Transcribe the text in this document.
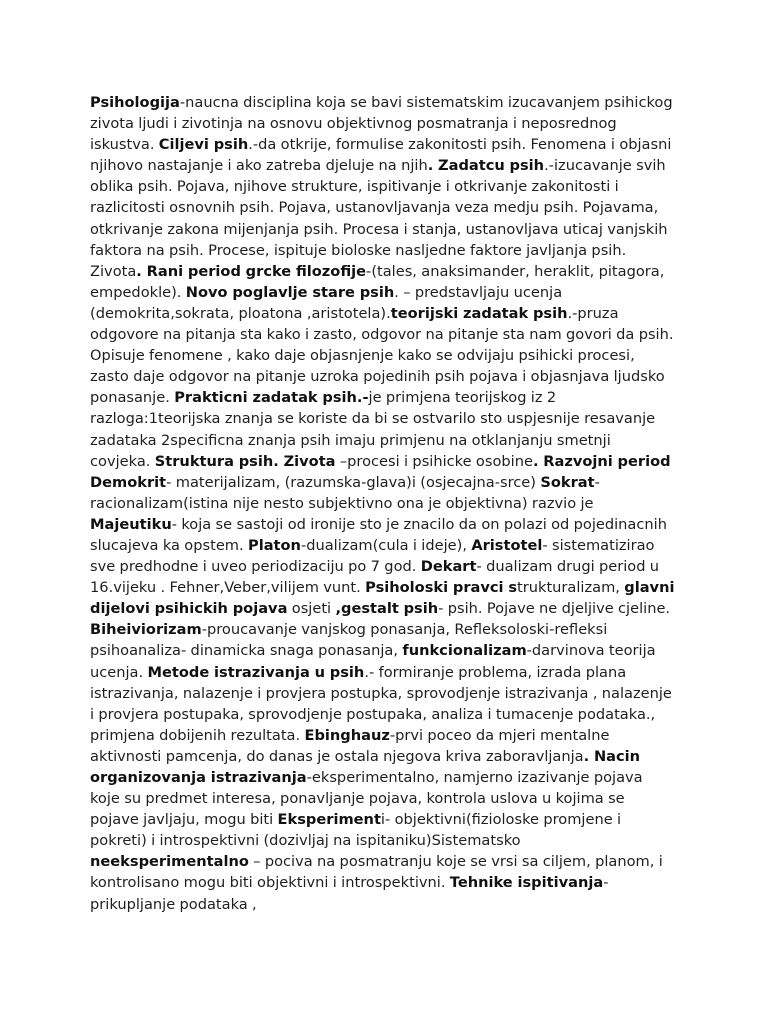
Psihologija-naucna disciplina koja se bavi sistematskim izucavanjem psihickog zivota ljudi i zivotinja na osnovu objektivnog posmatranja i neposrednog iskustva. Ciljevi psih.-da otkrije, formulise zakonitosti psih. Fenomena i objasni njihovo nastajanje i ako zatreba djeluje na njih. Zadatcu psih.-izucavanje svih oblika psih. Pojava, njihove strukture, ispitivanje i otkrivanje zakonitosti i razlicitosti osnovnih psih. Pojava, ustanovljavanja veza medju psih. Pojavama, otkrivanje zakona mijenjanja psih. Procesa i stanja, ustanovljava uticaj vanjskih faktora na psih. Procese, ispituje bioloske nasljedne faktore javljanja psih. Zivota. Rani period grcke filozofije-(tales, anaksimander, heraklit, pitagora, empedokle). Novo poglavlje stare psih. – predstavljaju ucenja (demokrita,sokrata, ploatona ,aristotela).teorijski zadatak psih.-pruza odgovore na pitanja sta kako i zasto, odgovor na pitanje sta nam govori da psih. Opisuje fenomene , kako daje objasnjenje kako se odvijaju psihicki procesi, zasto daje odgovor na pitanje uzroka pojedinih psih pojava i objasnjava ljudsko ponasanje. Prakticni zadatak psih.-je primjena teorijskog iz 2 razloga:1teorijska znanja se koriste da bi se ostvarilo sto uspjesnije resavanje zadataka 2specificna znanja psih imaju primjenu na otklanjanju smetnji covjeka. Struktura psih. Zivota –procesi i psihicke osobine. Razvojni period Demokrit- materijalizam, (razumska-glava)i (osjecajna-srce) Sokrat-racionalizam(istina nije nesto subjektivno ona je objektivna) razvio je Majeutiku- koja se sastoji od ironije sto je znacilo da on polazi od pojedinacnih slucajeva ka opstem. Platon-dualizam(cula i ideje), Aristotel- sistematizirao sve predhodne i uveo periodizaciju po 7 god. Dekart- dualizam drugi period u 16.vijeku . Fehner,Veber,vilijem vunt. Psiholoski pravci strukturalizam, glavni dijelovi psihickih pojava osjeti ,gestalt psih- psih. Pojave ne djeljive cjeline. Biheiviorizam-proucavanje vanjskog ponasanja, Refleksoloski-refleksi psihoanaliza- dinamicka snaga ponasanja, funkcionalizam-darvinova teorija ucenja. Metode istrazivanja u psih.- formiranje problema, izrada plana istrazivanja, nalazenje i provjera postupka, sprovodjenje istrazivanja , nalazenje i provjera postupaka, sprovodjenje postupaka, analiza i tumacenje podataka., primjena dobijenih rezultata. Ebinghauz-prvi poceo da mjeri mentalne aktivnosti pamcenja, do danas je ostala njegova kriva zaboravljanja. Nacin organizovanja istrazivanja-eksperimentalno, namjerno izazivanje pojava koje su predmet interesa, ponavljanje pojava, kontrola uslova u kojima se pojave javljaju, mogu biti Eksperimenti- objektivni(fizioloske promjene i pokreti) i introspektivni (dozivljaj na ispitaniku)Sistematsko neeksperimentalno – pociva na posmatranju koje se vrsi sa ciljem, planom, i kontrolisano mogu biti objektivni i introspektivni. Tehnike ispitivanja- prikupljanje podataka ,
